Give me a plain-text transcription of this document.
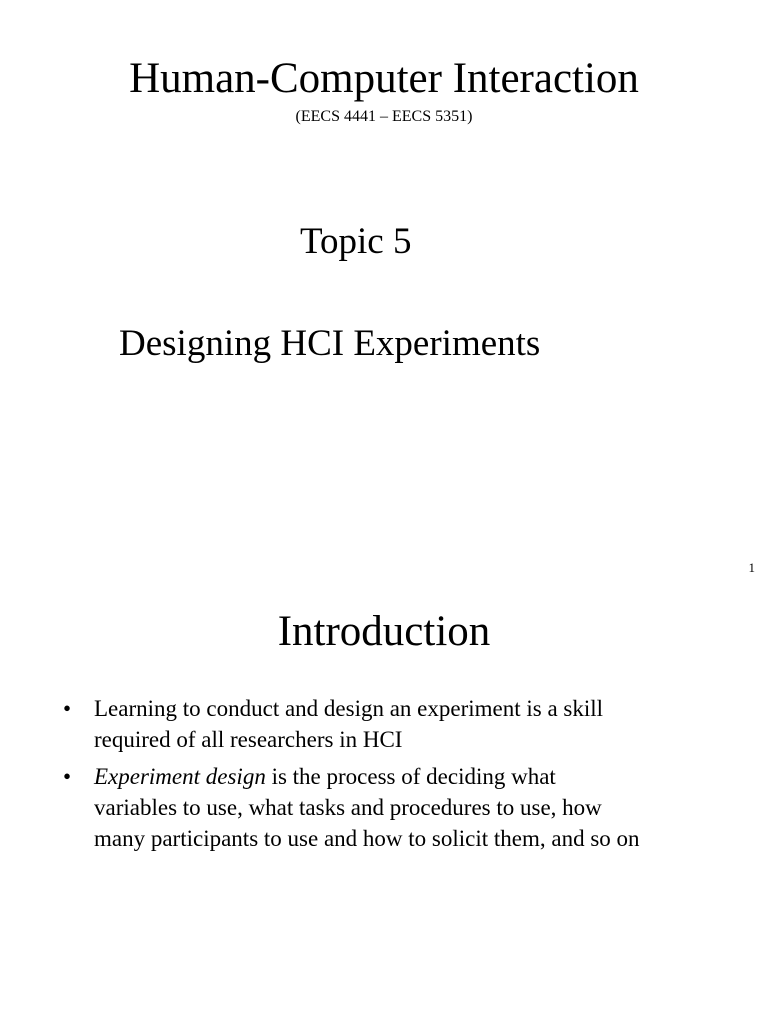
Human-Computer Interaction
(EECS 4441 – EECS 5351)
Topic 5
Designing HCI Experiments
1
Introduction
• Learning to conduct and design an experiment is a skill
required of all researchers in HCI
• Experiment design is the process of deciding what
variables to use, what tasks and procedures to use, how
many participants to use and how to solicit them, and so on
